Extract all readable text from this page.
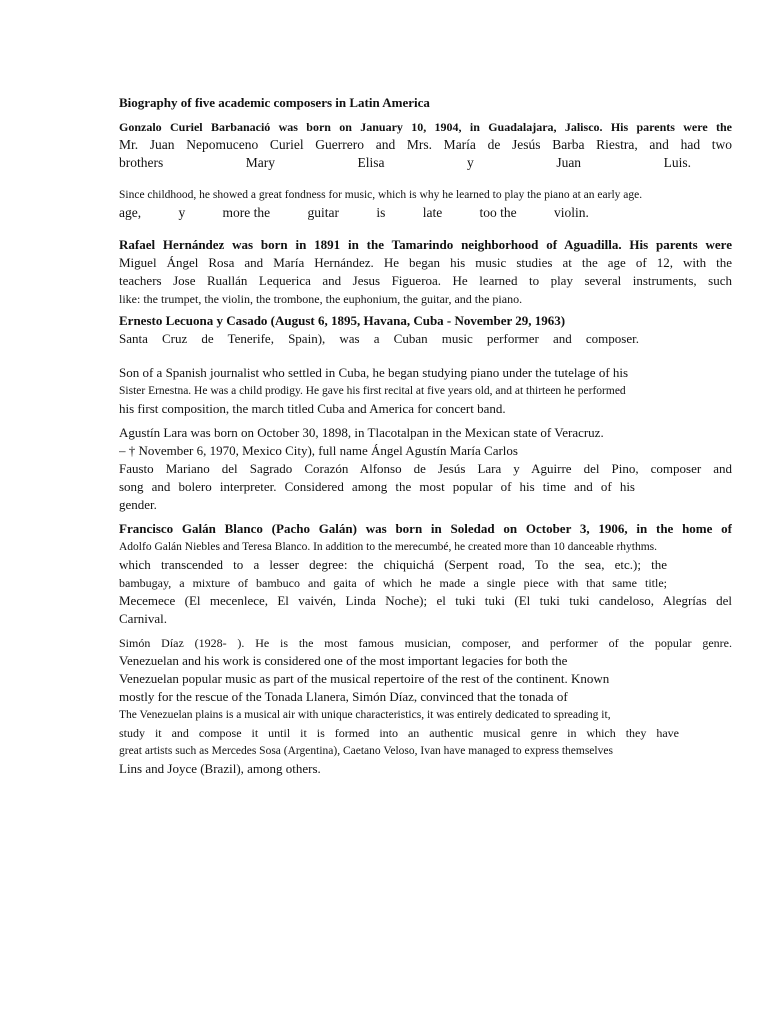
Biography of five academic composers in Latin America
Gonzalo Curiel Barbanació was born on January 10, 1904, in Guadalajara, Jalisco. His parents were the
Mr. Juan Nepomuceno Curiel Guerrero and Mrs. María de Jesús Barba Riestra, and had two
brothers	Mary	Elisa	y	Juan	Luis.
Since childhood, he showed a great fondness for music, which is why he learned to play the piano at an early age.
age,	y	more the	guitar	is	late	too the	violin.
Rafael Hernández was born in 1891 in the Tamarindo neighborhood of Aguadilla. His parents were
Miguel Ángel Rosa and María Hernández. He began his music studies at the age of 12, with the
teachers Jose Ruallán Lequerica and Jesus Figueroa. He learned to play several instruments, such
like: the trumpet, the violin, the trombone, the euphonium, the guitar, and the piano.
Ernesto Lecuona y Casado (August 6, 1895, Havana, Cuba - November 29, 1963)
Santa Cruz de Tenerife, Spain), was a Cuban music performer and composer.
Son of a Spanish journalist who settled in Cuba, he began studying piano under the tutelage of his
Sister Ernestna. He was a child prodigy. He gave his first recital at five years old, and at thirteen he performed
his first composition, the march titled Cuba and America for concert band.
Agustín Lara was born on October 30, 1898, in Tlacotalpan in the Mexican state of Veracruz.
– † November 6, 1970, Mexico City), full name Ángel Agustín María Carlos
Fausto Mariano del Sagrado Corazón Alfonso de Jesús Lara y Aguirre del Pino, composer and
song and bolero interpreter. Considered among the most popular of his time and of his
gender.
Francisco Galán Blanco (Pacho Galán) was born in Soledad on October 3, 1906, in the home of
Adolfo Galán Niebles and Teresa Blanco. In addition to the merecumbé, he created more than 10 danceable rhythms.
which transcended to a lesser degree: the chiquichá (Serpent road, To the sea, etc.); the
bambugay, a mixture of bambuco and gaita of which he made a single piece with that same title;
Mecemece (El mecenlece, El vaivén, Linda Noche); el tuki tuki (El tuki tuki candeloso, Alegrías del
Carnival.
Simón Díaz (1928- ). He is the most famous musician, composer, and performer of the popular genre.
Venezuelan and his work is considered one of the most important legacies for both the
Venezuelan popular music as part of the musical repertoire of the rest of the continent. Known
mostly for the rescue of the Tonada Llanera, Simón Díaz, convinced that the tonada of
The Venezuelan plains is a musical air with unique characteristics, it was entirely dedicated to spreading it,
study it and compose it until it is formed into an authentic musical genre in which they have
great artists such as Mercedes Sosa (Argentina), Caetano Veloso, Ivan have managed to express themselves
Lins and Joyce (Brazil), among others.
